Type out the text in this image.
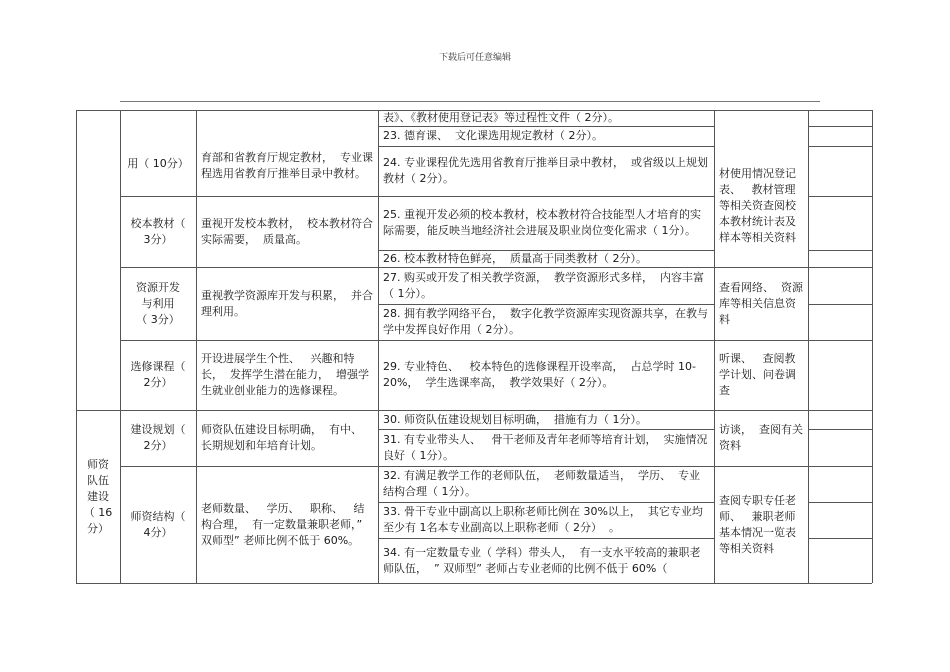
下载后可任意编辑
师资
队伍
建设
（ 16
分）
用（ 10分）
校本教材（
3分）
资源开发
与利用
（ 3分）
选修课程（
2分）
建设规划（
2分）
师资结构（
4分）
育部和省教育厅规定教材，  专业课程选用省教育厅推举目录中教材。
重视开发校本教材，  校本教材符合实际需要，  质量高。
重视教学资源库开发与积累，  并合理利用。
开设进展学生个性、   兴趣和特长，  发挥学生潜在能力，  增强学生就业创业能力的选修课程。
师资队伍建设目标明确，  有中、   长期规划和年培育计划。
老师数量、   学历、   职称、   结构合理，  有一定数量兼职老师，” 双师型” 老师比例不低于 60%。
表》、《教材使用登记表》等过程性文件（ 2分）。
23. 德育课、  文化课选用规定教材（ 2分）。
24. 专业课程优先选用省教育厅推举目录中教材，  或省级以上规划教材（ 2分）。
25. 重视开发必须的校本教材，校本教材符合技能型人才培育的实际需要，能反映当地经济社会进展及职业岗位变化需求（ 1分）。
26. 校本教材特色鲜亮，  质量高于同类教材（ 2分）。
27. 购买或开发了相关教学资源，  教学资源形式多样，  内容丰富（ 1分）。
28. 拥有教学网络平台，  数字化教学资源库实现资源共享，在教与学中发挥良好作用（ 2分）。
29. 专业特色、   校本特色的选修课程开设率高，  占总学时 10-20%，  学生选课率高，  教学效果好（ 2分）。
30. 师资队伍建设规划目标明确，  措施有力（ 1分）。
31. 有专业带头人、   骨干老师及青年老师等培育计划，  实施情况良好（ 1分）。
32. 有满足教学工作的老师队伍，  老师数量适当，  学历、  专业结构合理（ 1分）。
33. 骨干专业中副高以上职称老师比例在 30%以上，  其它专业均至少有 1名本专业副高以上职称老师（ 2分）  。
34. 有一定数量专业（ 学科）带头人，  有一支水平较高的兼职老师队伍，  ” 双师型” 老师占专业老师的比例不低于 60%（
材使用情况登记表、   教材管理等相关资查阅校本教材统计表及样本等相关资料
查看网络、  资源库等相关信息资料
听课、   查阅教学计划、问卷调查
访谈，  查阅有关资料
查阅专职专任老师、   兼职老师基本情况一览表等相关资料
